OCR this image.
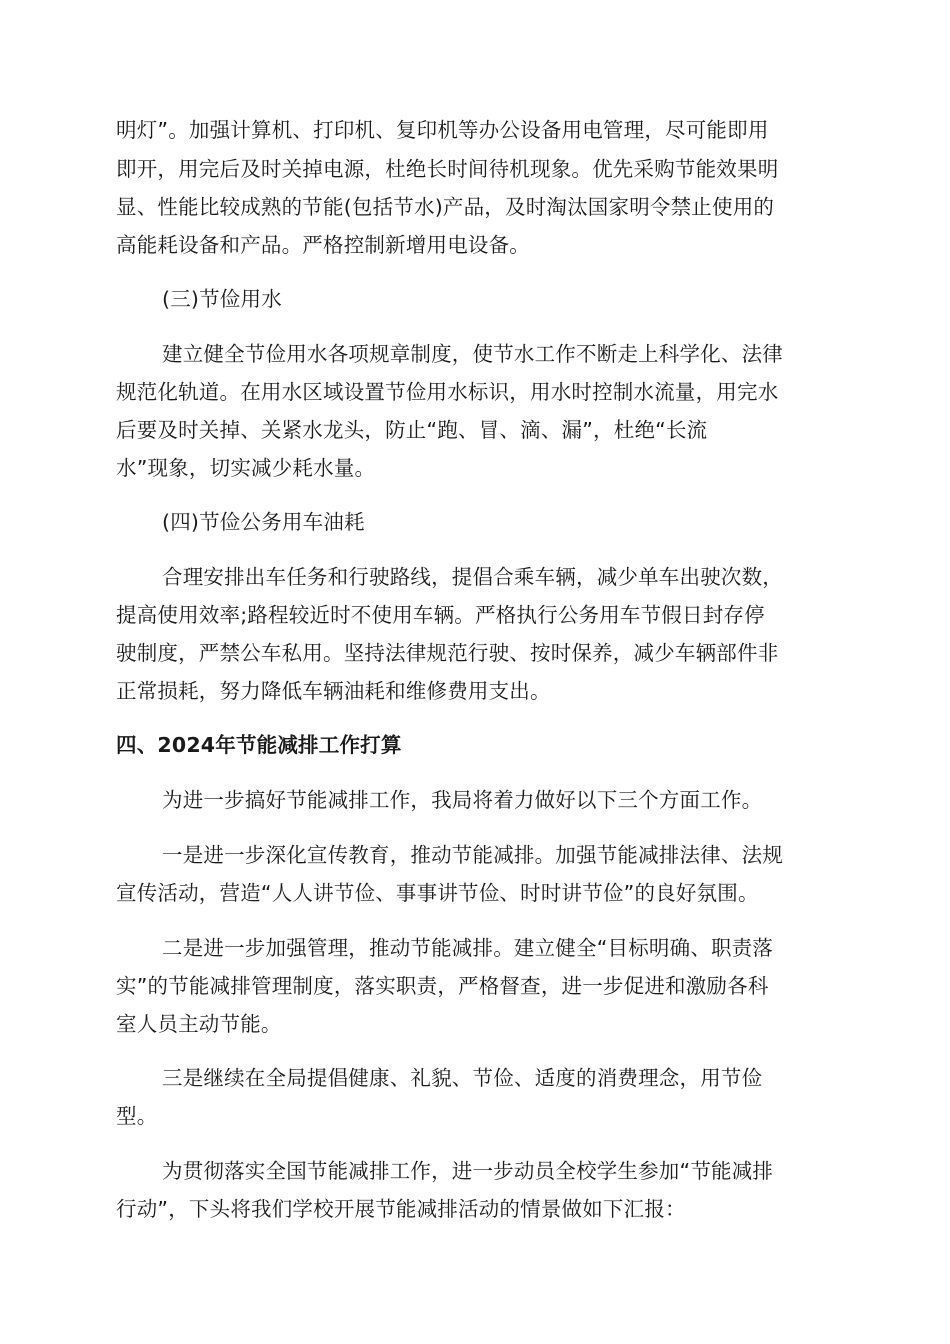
明灯”。加强计算机、打印机、复印机等办公设备用电管理，尽可能即用
即开，用完后及时关掉电源，杜绝长时间待机现象。优先采购节能效果明
显、性能比较成熟的节能(包括节水)产品，及时淘汰国家明令禁止使用的
高能耗设备和产品。严格控制新增用电设备。
(三)节俭用水
建立健全节俭用水各项规章制度，使节水工作不断走上科学化、法律
规范化轨道。在用水区域设置节俭用水标识，用水时控制水流量，用完水
后要及时关掉、关紧水龙头，防止“跑、冒、滴、漏”，杜绝“长流
水”现象，切实减少耗水量。
(四)节俭公务用车油耗
合理安排出车任务和行驶路线，提倡合乘车辆，减少单车出驶次数，
提高使用效率;路程较近时不使用车辆。严格执行公务用车节假日封存停
驶制度，严禁公车私用。坚持法律规范行驶、按时保养，减少车辆部件非
正常损耗，努力降低车辆油耗和维修费用支出。
四、2024年节能减排工作打算
为进一步搞好节能减排工作，我局将着力做好以下三个方面工作。
一是进一步深化宣传教育，推动节能减排。加强节能减排法律、法规
宣传活动，营造“人人讲节俭、事事讲节俭、时时讲节俭”的良好氛围。
二是进一步加强管理，推动节能减排。建立健全“目标明确、职责落
实”的节能减排管理制度，落实职责，严格督查，进一步促进和激励各科
室人员主动节能。
三是继续在全局提倡健康、礼貌、节俭、适度的消费理念，用节俭
型。
为贯彻落实全国节能减排工作，进一步动员全校学生参加“节能减排
行动”，下头将我们学校开展节能减排活动的情景做如下汇报：
